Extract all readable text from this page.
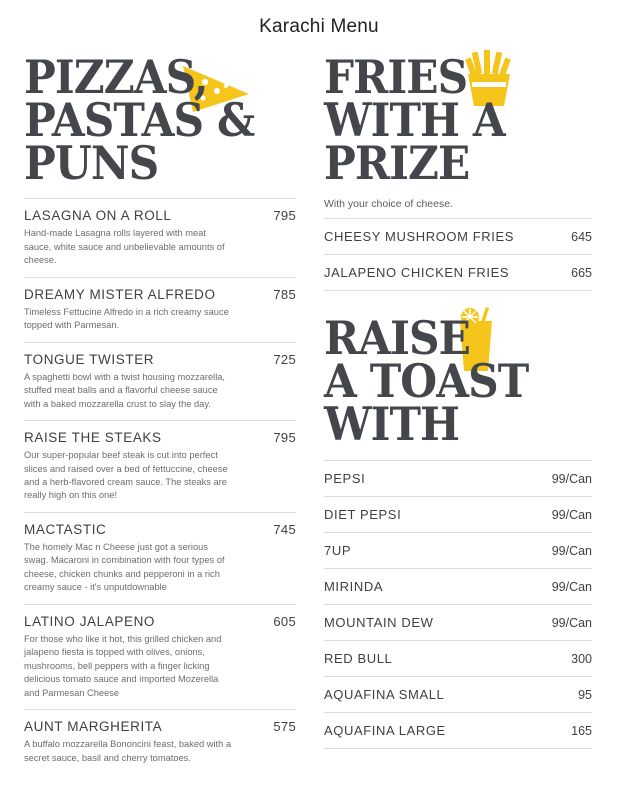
Karachi Menu
PIZZAS,
PASTAS &
PUNS
LASAGNA ON A ROLL	795
Hand-made Lasagna rolls layered with meat sauce, white sauce and unbelievable amounts of cheese.
DREAMY MISTER ALFREDO	785
Timeless Fettucine Alfredo in a rich creamy sauce topped with Parmesan.
TONGUE TWISTER	725
A spaghetti bowl with a twist housing mozzarella, stuffed meat balls and a flavorful cheese sauce with a baked mozzarella crust to slay the day.
RAISE THE STEAKS	795
Our super-popular beef steak is cut into perfect slices and raised over a bed of fettuccine, cheese and a herb-flavored cream sauce. The steaks are really high on this one!
MACTASTIC	745
The homely Mac n Cheese just got a serious swag. Macaroni in combination with four types of cheese, chicken chunks and pepperoni in a rich creamy sauce - it's unputdownable
LATINO JALAPENO	605
For those who like it hot, this grilled chicken and jalapeno fiesta is topped with olives, onions, mushrooms, bell peppers with a finger licking delicious tomato sauce and imported Mozerella and Parmesan Cheese
AUNT MARGHERITA	575
A buffalo mozzarella Bononcini feast, baked with a secret sauce, basil and cherry tomatoes.
FRIES
WITH A
PRIZE
With your choice of cheese.
CHEESY MUSHROOM FRIES	645
JALAPENO CHICKEN FRIES	665
RAISE
A TOAST
WITH
PEPSI	99/Can
DIET PEPSI	99/Can
7UP	99/Can
MIRINDA	99/Can
MOUNTAIN DEW	99/Can
RED BULL	300
AQUAFINA SMALL	95
AQUAFINA LARGE	165
